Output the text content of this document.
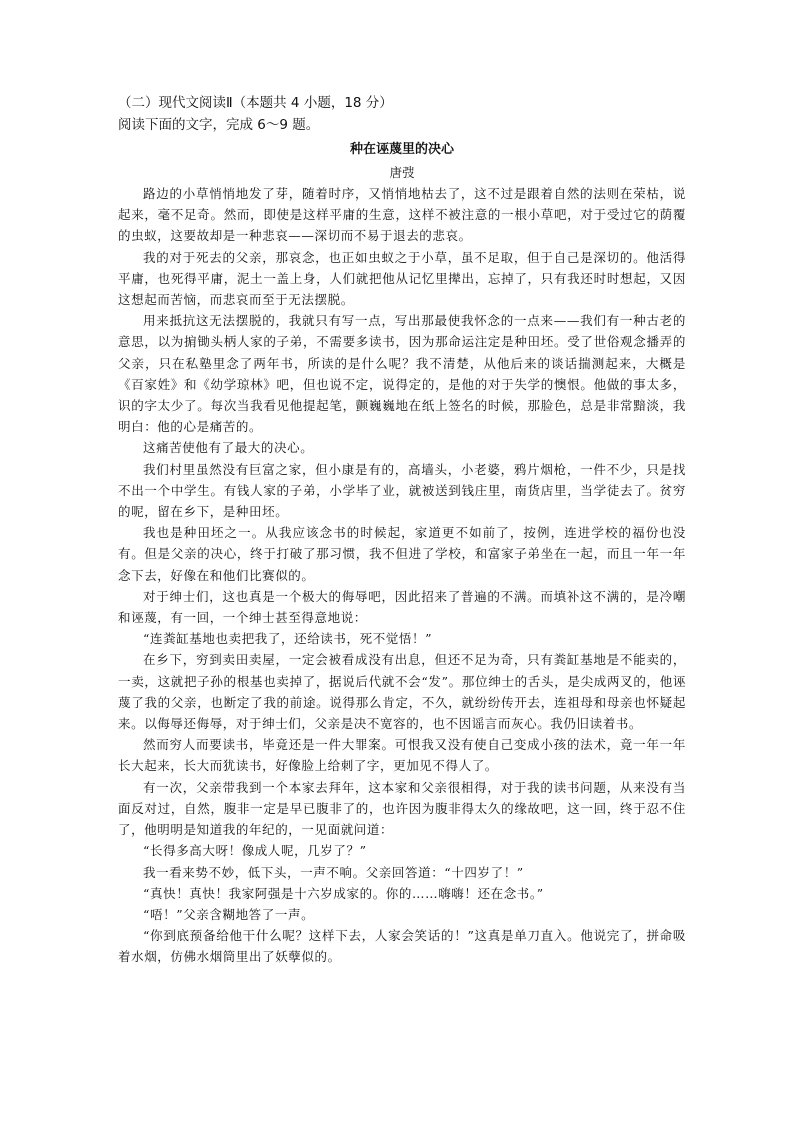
（二）现代文阅读Ⅱ（本题共 4 小题，18 分）
阅读下面的文字，完成 6～9 题。
种在诬蔑里的决心
唐弢

路边的小草悄悄地发了芽，随着时序，又悄悄地枯去了，这不过是跟着自然的法则在荣枯，说起来，毫不足奇。然而，即使是这样平庸的生意，这样不被注意的一根小草吧，对于受过它的荫覆的虫蚁，这要故却是一种悲哀——深切而不易于退去的悲哀。

我的对于死去的父亲，那哀念，也正如虫蚁之于小草，虽不足取，但于自己是深切的。他活得平庸，也死得平庸，泥土一盖上身，人们就把他从记忆里撵出，忘掉了，只有我还时时想起，又因这想起而苦恼，而悲哀而至于无法摆脱。

用来抵抗这无法摆脱的，我就只有写一点，写出那最使我怀念的一点来——我们有一种古老的意思，以为掮锄头柄人家的子弟，不需要多读书，因为那命运注定是种田坯。受了世俗观念播弄的父亲，只在私塾里念了两年书，所读的是什么呢？我不清楚，从他后来的谈话揣测起来，大概是《百家姓》和《幼学琼林》吧，但也说不定，说得定的，是他的对于失学的懊恨。他做的事太多，识的字太少了。每次当我看见他提起笔，颤巍巍地在纸上签名的时候，那脸色，总是非常黯淡，我明白：他的心是痛苦的。

这痛苦使他有了最大的决心。

我们村里虽然没有巨富之家，但小康是有的，高墙头，小老婆，鸦片烟枪，一件不少，只是找不出一个中学生。有钱人家的子弟，小学毕了业，就被送到钱庄里，南货店里，当学徒去了。贫穷的呢，留在乡下，是种田坯。

我也是种田坯之一。从我应该念书的时候起，家道更不如前了，按例，连进学校的福份也没有。但是父亲的决心，终于打破了那习惯，我不但进了学校，和富家子弟坐在一起，而且一年一年念下去，好像在和他们比赛似的。

对于绅士们，这也真是一个极大的侮辱吧，因此招来了普遍的不满。而填补这不满的，是冷嘲和诬蔑，有一回，一个绅士甚至得意地说：

“连粪缸基地也卖把我了，还给读书，死不觉悟！”

在乡下，穷到卖田卖屋，一定会被看成没有出息，但还不足为奇，只有粪缸基地是不能卖的，一卖，这就把子孙的根基也卖掉了，据说后代就不会“发”。那位绅士的舌头，是尖成两叉的，他诬蔑了我的父亲，也断定了我的前途。说得那么肯定，不久，就纷纷传开去，连祖母和母亲也怀疑起来。以侮辱还侮辱，对于绅士们，父亲是决不宽容的，也不因谣言而灰心。我仍旧读着书。

然而穷人而要读书，毕竟还是一件大罪案。可恨我又没有使自己变成小孩的法术，竟一年一年长大起来，长大而犹读书，好像脸上给刺了字，更加见不得人了。

有一次，父亲带我到一个本家去拜年，这本家和父亲很相得，对于我的读书问题，从来没有当面反对过，自然，腹非一定是早已腹非了的，也许因为腹非得太久的缘故吧，这一回，终于忍不住了，他明明是知道我的年纪的，一见面就问道：

“长得多高大呀！像成人呢，几岁了？”

我一看来势不妙，低下头，一声不响。父亲回答道：“十四岁了！”

“真快！真快！我家阿强是十六岁成家的。你的……嗨嗨！还在念书。”

“唔！”父亲含糊地答了一声。

“你到底预备给他干什么呢？这样下去，人家会笑话的！”这真是单刀直入。他说完了，拼命吸着水烟，仿佛水烟筒里出了妖孽似的。
